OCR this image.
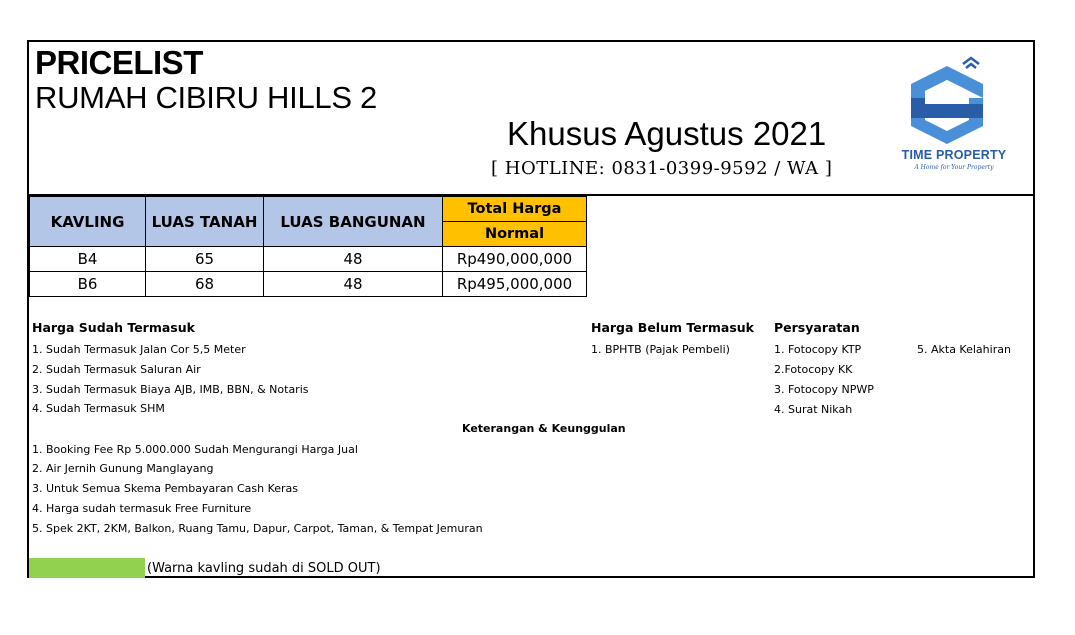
PRICELIST
RUMAH CIBIRU HILLS 2
Khusus Agustus 2021
[ HOTLINE: 0831-0399-9592 / WA ]
TIME PROPERTY
A Home for Your Property
KAVLING	LUAS TANAH	LUAS BANGUNAN	Total Harga
			Normal
B4	65	48	Rp490,000,000
B6	68	48	Rp495,000,000
Harga Sudah Termasuk
1. Sudah Termasuk Jalan Cor 5,5 Meter
2. Sudah Termasuk Saluran Air
3. Sudah Termasuk Biaya AJB, IMB, BBN, & Notaris
4. Sudah Termasuk SHM
Harga Belum Termasuk
1. BPHTB (Pajak Pembeli)
Persyaratan
1. Fotocopy KTP
2.Fotocopy KK
3. Fotocopy NPWP
4. Surat Nikah
5. Akta Kelahiran
Keterangan & Keunggulan
1. Booking Fee Rp 5.000.000 Sudah Mengurangi Harga Jual
2. Air Jernih Gunung Manglayang
3. Untuk Semua Skema Pembayaran Cash Keras
4. Harga sudah termasuk Free Furniture
5. Spek 2KT, 2KM, Balkon, Ruang Tamu, Dapur, Carpot, Taman, & Tempat Jemuran
(Warna kavling sudah di SOLD OUT)
